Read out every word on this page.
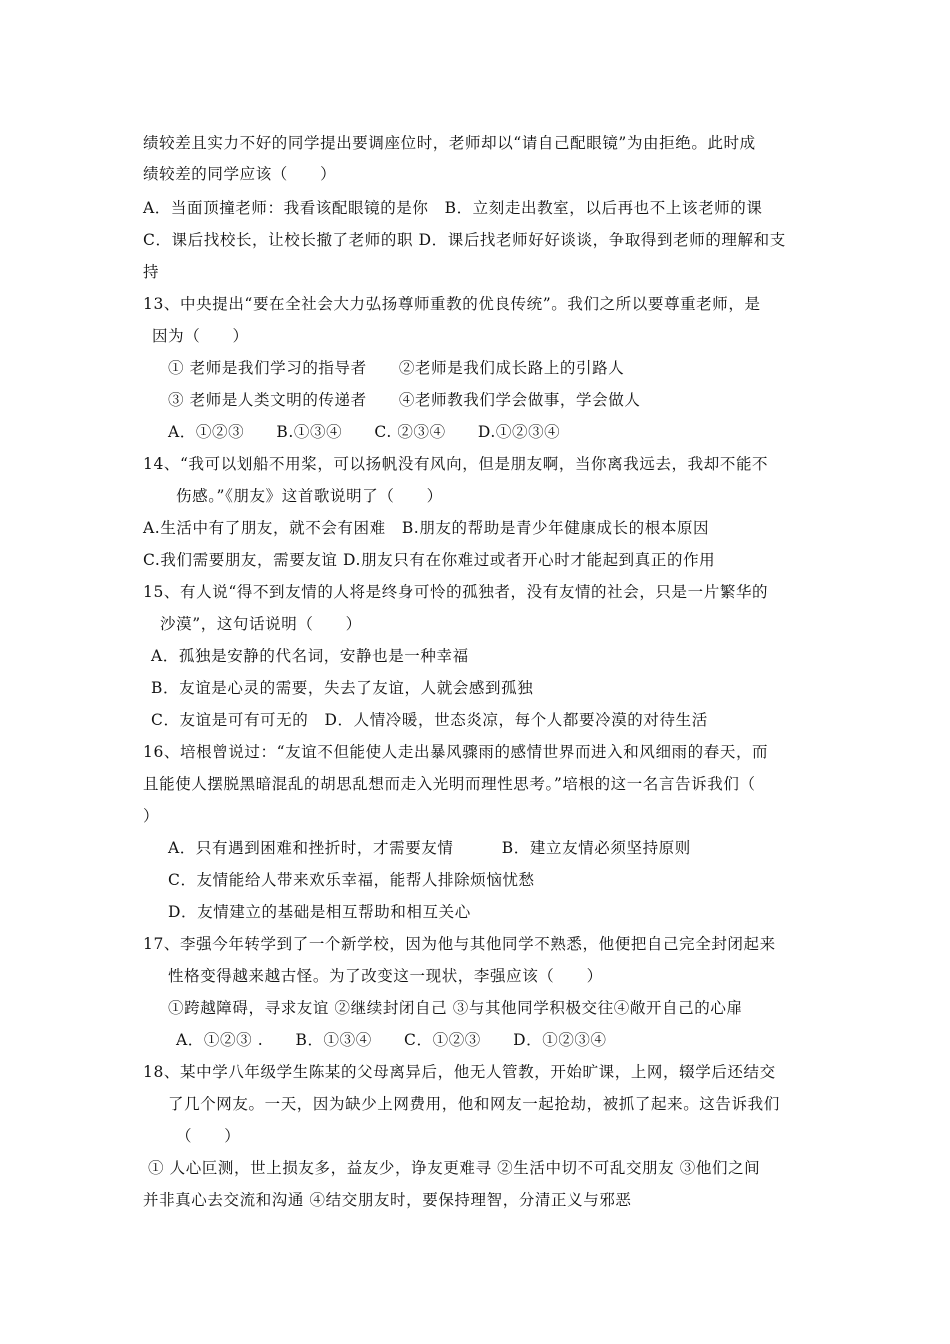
绩较差且实力不好的同学提出要调座位时，老师却以“请自己配眼镜”为由拒绝。此时成
绩较差的同学应该（　　）
A．当面顶撞老师：我看该配眼镜的是你　B．立刻走出教室，以后再也不上该老师的课
C．课后找校长，让校长撤了老师的职 D．课后找老师好好谈谈，争取得到老师的理解和支
持
13、中央提出“要在全社会大力弘扬尊师重教的优良传统”。我们之所以要尊重老师，是
因为（　　）
① 老师是我们学习的指导者　　②老师是我们成长路上的引路人
③ 老师是人类文明的传递者　　④老师教我们学会做事，学会做人
A．①②③　　B.①③④　　C. ②③④　　D.①②③④
14、“我可以划船不用桨，可以扬帆没有风向，但是朋友啊，当你离我远去，我却不能不
伤感。”《朋友》这首歌说明了（　　）
A.生活中有了朋友，就不会有困难　B.朋友的帮助是青少年健康成长的根本原因
C.我们需要朋友，需要友谊 D.朋友只有在你难过或者开心时才能起到真正的作用
15、有人说“得不到友情的人将是终身可怜的孤独者，没有友情的社会，只是一片繁华的
沙漠”，这句话说明（　　）
A．孤独是安静的代名词，安静也是一种幸福
B．友谊是心灵的需要，失去了友谊，人就会感到孤独
C．友谊是可有可无的　D．人情冷暖，世态炎凉，每个人都要冷漠的对待生活
16、培根曾说过：“友谊不但能使人走出暴风骤雨的感情世界而进入和风细雨的春天，而
且能使人摆脱黑暗混乱的胡思乱想而走入光明而理性思考。”培根的这一名言告诉我们（
）
A．只有遇到困难和挫折时，才需要友情　　　B．建立友情必须坚持原则
C．友情能给人带来欢乐幸福，能帮人排除烦恼忧愁
D．友情建立的基础是相互帮助和相互关心
17、李强今年转学到了一个新学校，因为他与其他同学不熟悉，他便把自己完全封闭起来
性格变得越来越古怪。为了改变这一现状，李强应该（　　）
①跨越障碍，寻求友谊 ②继续封闭自己 ③与其他同学积极交往④敞开自己的心扉
A．①②③ .　　B．①③④　　C．①②③　　D．①②③④
18、某中学八年级学生陈某的父母离异后，他无人管教，开始旷课，上网，辍学后还结交
了几个网友。一天，因为缺少上网费用，他和网友一起抢劫，被抓了起来。这告诉我们
（　　）
① 人心叵测，世上损友多，益友少，诤友更难寻 ②生活中切不可乱交朋友 ③他们之间
并非真心去交流和沟通 ④结交朋友时，要保持理智，分清正义与邪恶
